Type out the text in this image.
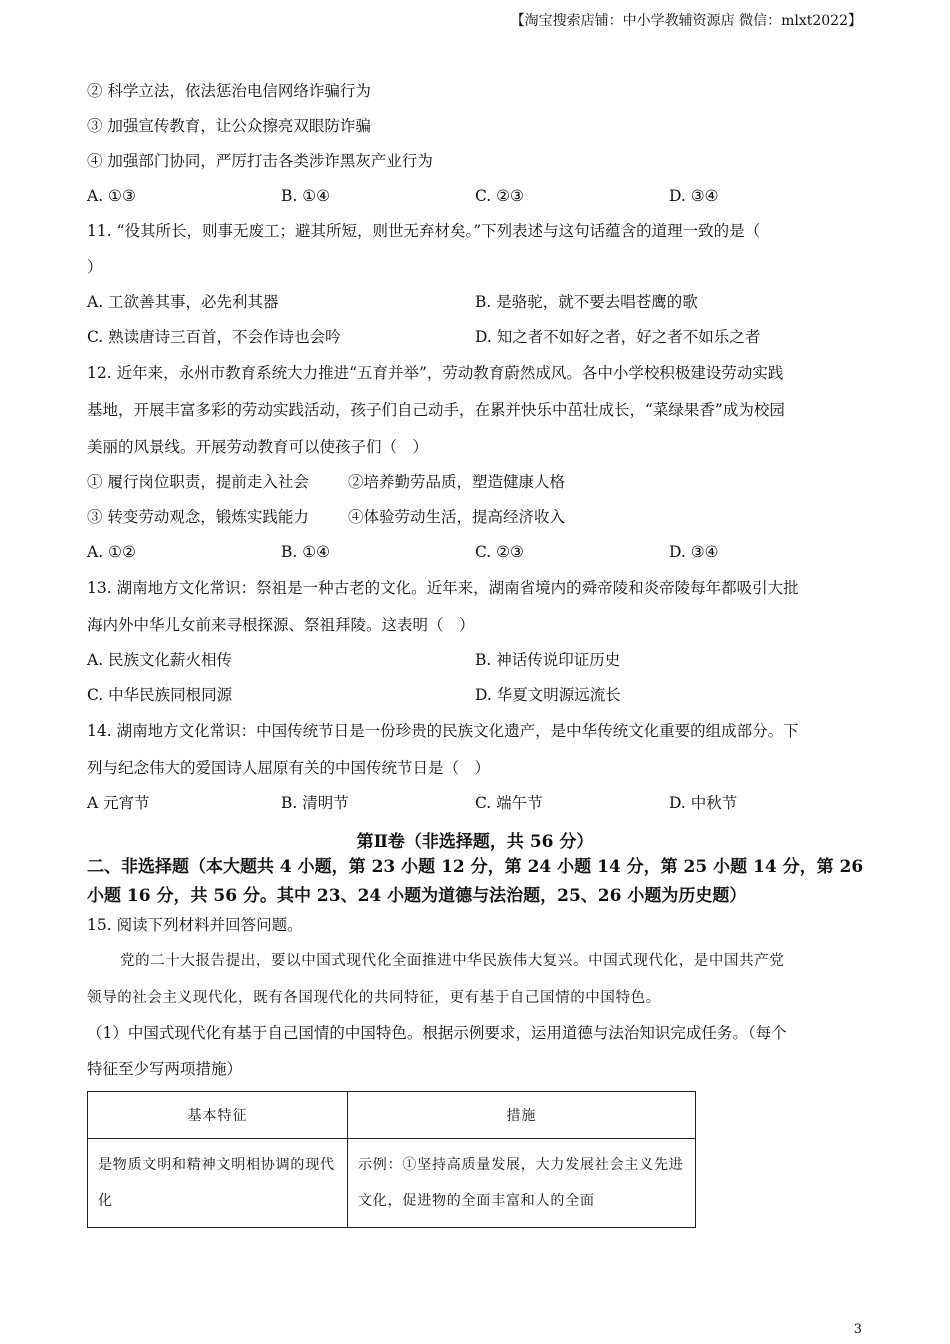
【淘宝搜索店铺：中小学教辅资源店 微信：mlxt2022】
② 科学立法，依法惩治电信网络诈骗行为
③ 加强宣传教育，让公众擦亮双眼防诈骗
④ 加强部门协同，严厉打击各类涉诈黑灰产业行为
A. ①③	B. ①④	C. ②③	D. ③④
11. “役其所长，则事无废工；避其所短，则世无弃材矣。”下列表述与这句话蕴含的道理一致的是（
）
A. 工欲善其事，必先利其器	B. 是骆驼，就不要去唱苍鹰的歌
C. 熟读唐诗三百首，不会作诗也会吟	D. 知之者不如好之者，好之者不如乐之者
12. 近年来，永州市教育系统大力推进“五育并举”，劳动教育蔚然成风。各中小学校积极建设劳动实践
基地，开展丰富多彩的劳动实践活动，孩子们自己动手，在累并快乐中茁壮成长，“菜绿果香”成为校园
美丽的风景线。开展劳动教育可以使孩子们（　）
① 履行岗位职责，提前走入社会	②培养勤劳品质，塑造健康人格
③ 转变劳动观念，锻炼实践能力	④体验劳动生活，提高经济收入
A. ①②	B. ①④	C. ②③	D. ③④
13. 湖南地方文化常识：祭祖是一种古老的文化。近年来，湖南省境内的舜帝陵和炎帝陵每年都吸引大批
海内外中华儿女前来寻根探源、祭祖拜陵。这表明（　）
A. 民族文化薪火相传	B. 神话传说印证历史
C. 中华民族同根同源	D. 华夏文明源远流长
14. 湖南地方文化常识：中国传统节日是一份珍贵的民族文化遗产，是中华传统文化重要的组成部分。下
列与纪念伟大的爱国诗人屈原有关的中国传统节日是（　）
A 元宵节	B. 清明节	C. 端午节	D. 中秋节
第Ⅱ卷（非选择题，共 56 分）
二、非选择题（本大题共 4 小题，第 23 小题 12 分，第 24 小题 14 分，第 25 小题 14 分，第 26
小题 16 分，共 56 分。其中 23、24 小题为道德与法治题，25、26 小题为历史题）
15. 阅读下列材料并回答问题。
党的二十大报告提出，要以中国式现代化全面推进中华民族伟大复兴。中国式现代化，是中国共产党
领导的社会主义现代化，既有各国现代化的共同特征，更有基于自己国情的中国特色。
（1）中国式现代化有基于自己国情的中国特色。根据示例要求，运用道德与法治知识完成任务。（每个
特征至少写两项措施）
基本特征	措施
是物质文明和精神文明相协调的现代化	示例：①坚持高质量发展，大力发展社会主义先进文化，促进物的全面丰富和人的全面
3
